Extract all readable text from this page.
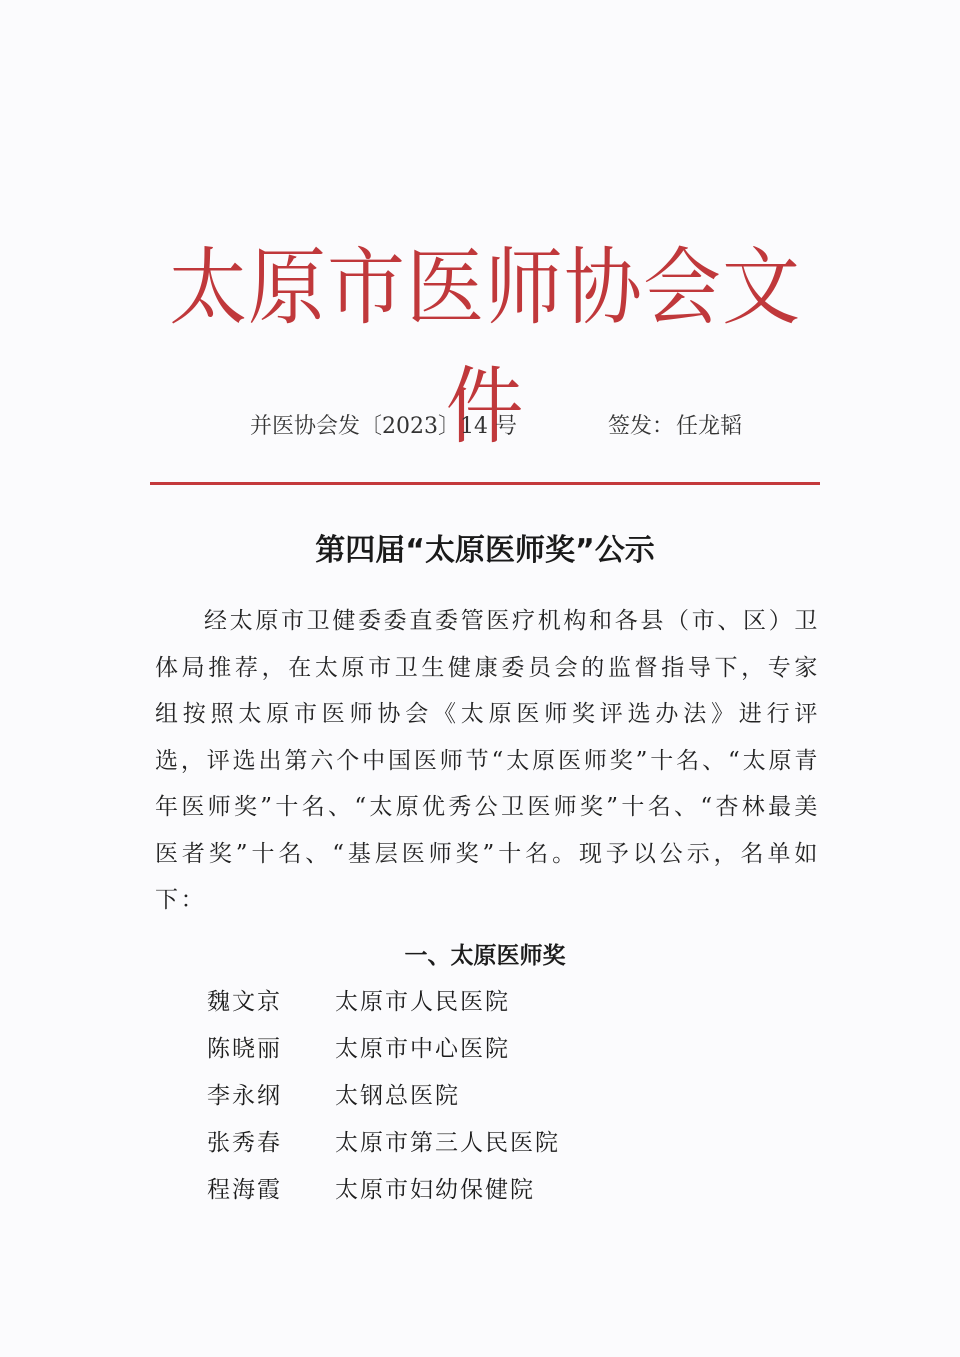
太原市医师协会文件
并医协会发〔2023〕14 号	签发：任龙韬
第四届“太原医师奖”公示

经太原市卫健委委直委管医疗机构和各县（市、区）卫体局推荐，在太原市卫生健康委员会的监督指导下，专家组按照太原市医师协会《太原医师奖评选办法》进行评选，评选出第六个中国医师节“太原医师奖”十名、“太原青年医师奖”十名、“太原优秀公卫医师奖”十名、“杏林最美医者奖”十名、“基层医师奖”十名。现予以公示，名单如下：

一、太原医师奖
魏文京 太原市人民医院
陈晓丽 太原市中心医院
李永纲 太钢总医院
张秀春 太原市第三人民医院
程海霞 太原市妇幼保健院
